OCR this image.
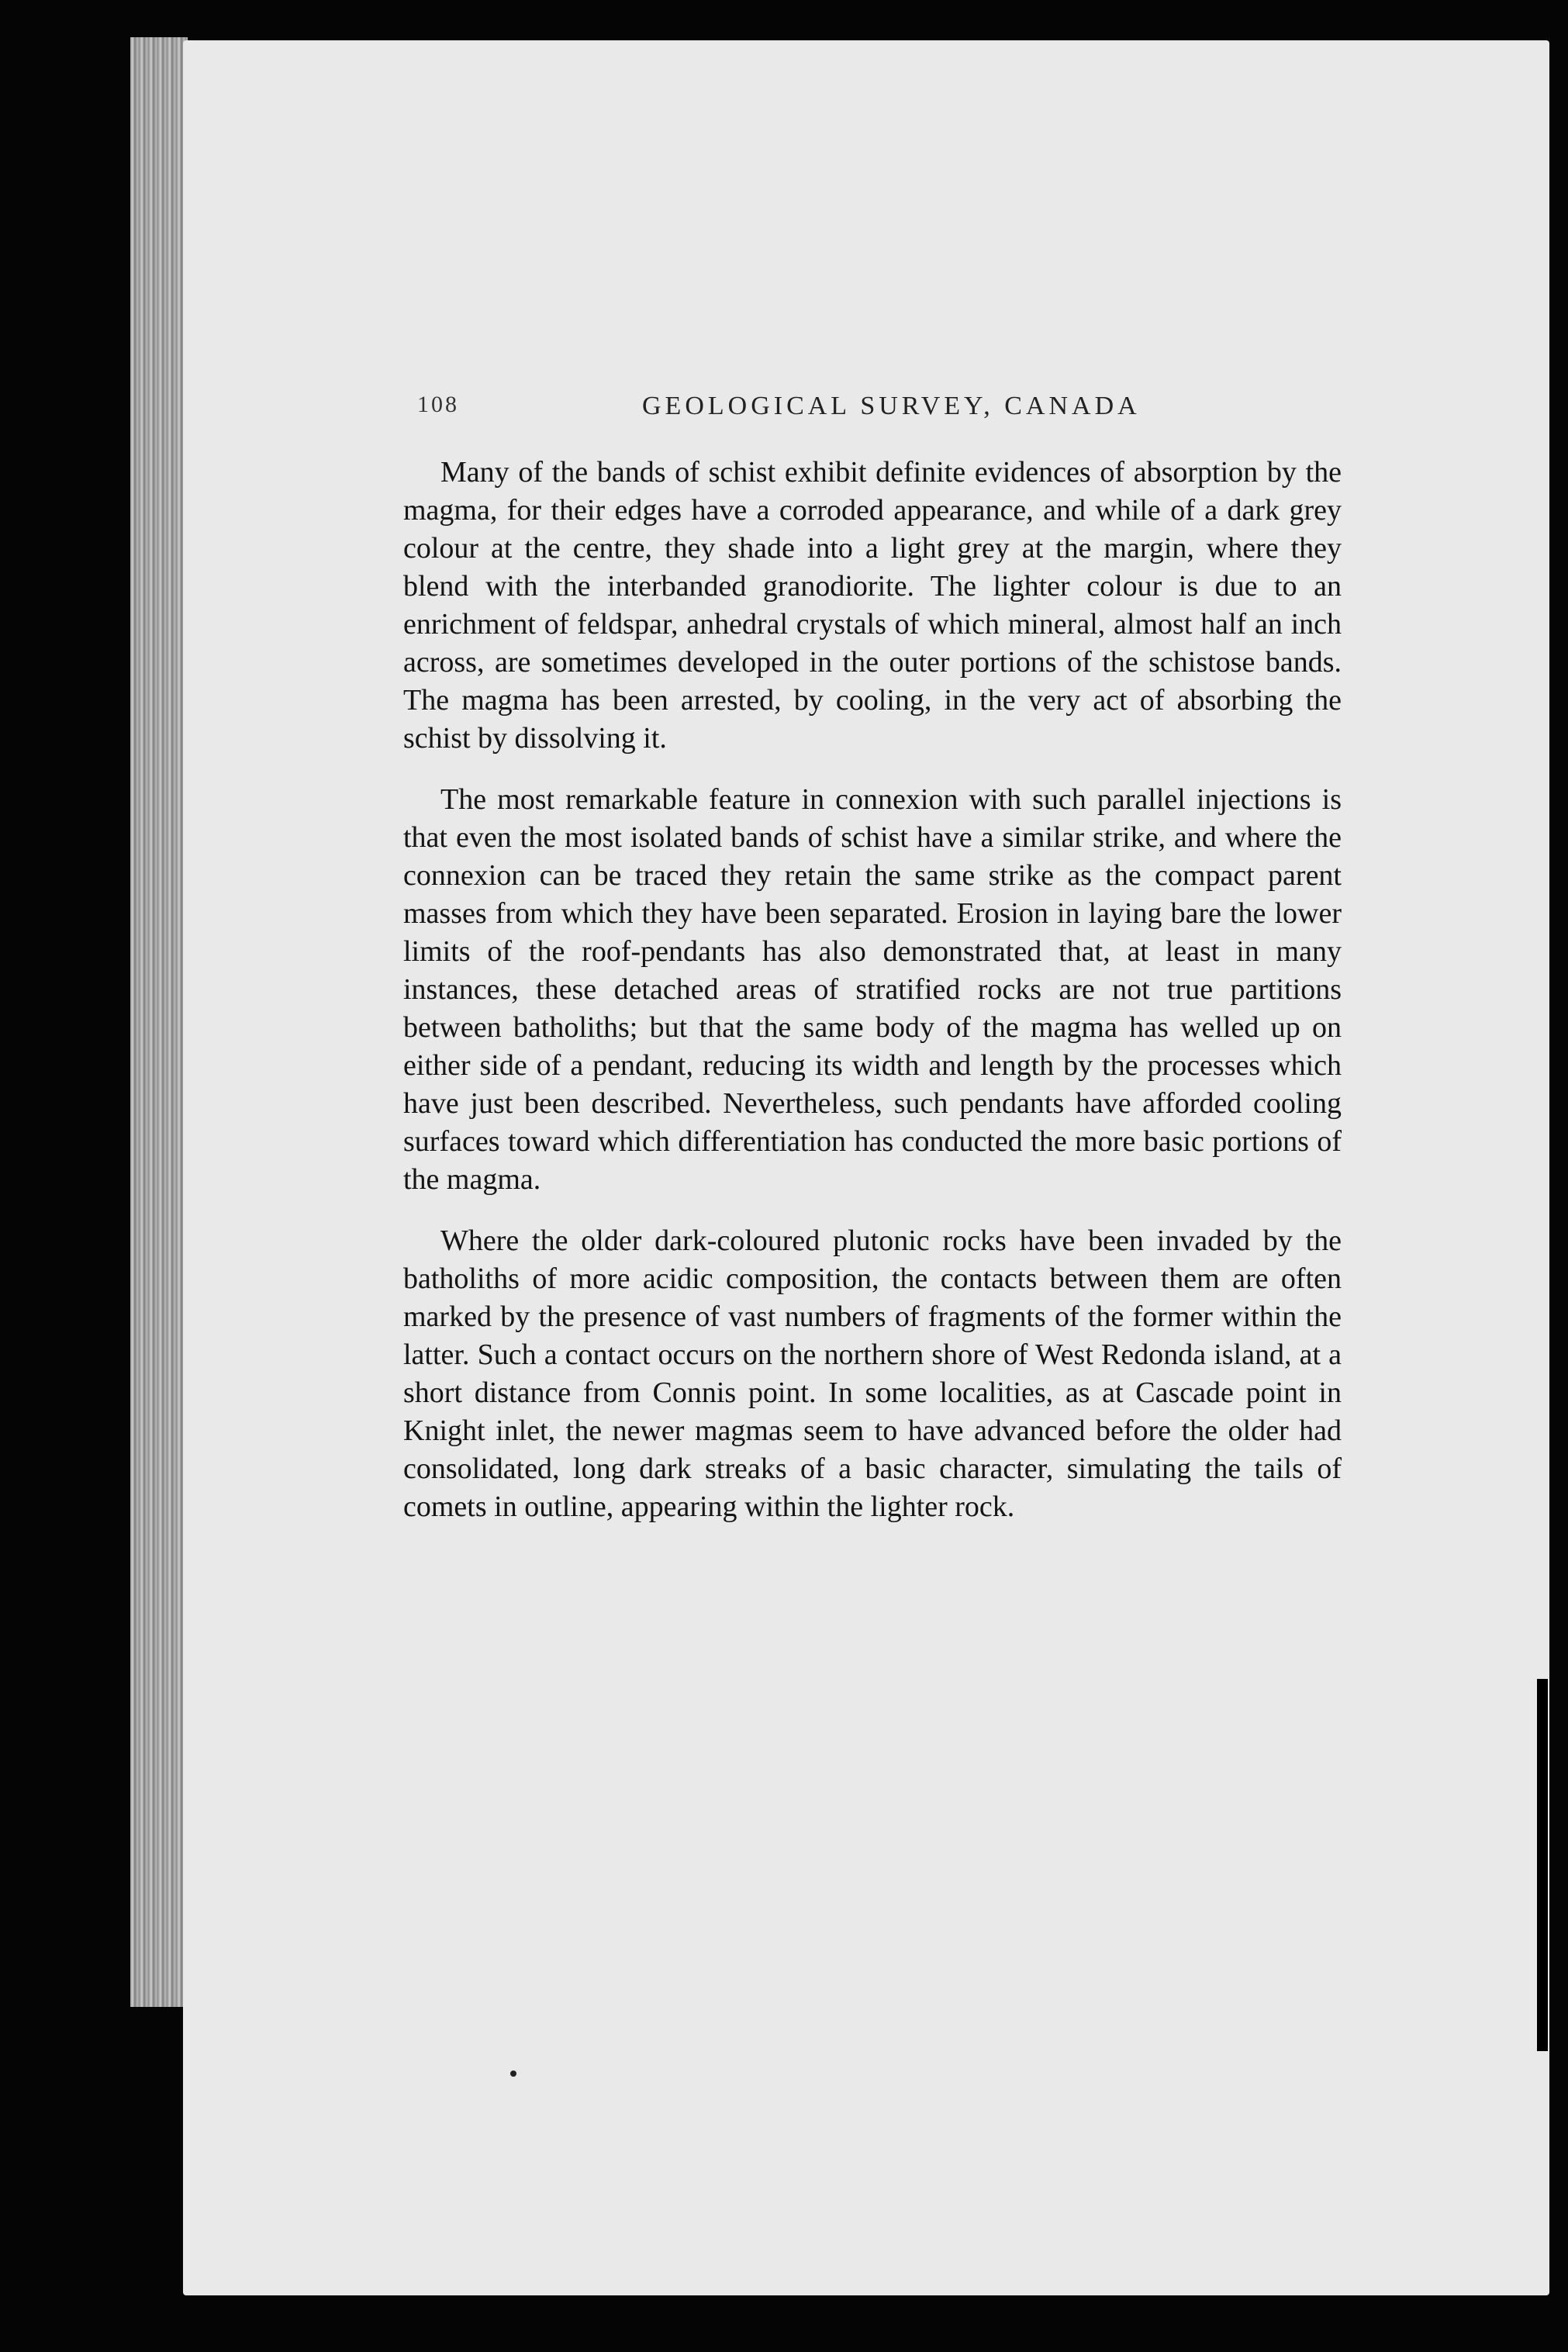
108	GEOLOGICAL SURVEY, CANADA

Many of the bands of schist exhibit definite evidences of absorption by the magma, for their edges have a corroded appearance, and while of a dark grey colour at the centre, they shade into a light grey at the margin, where they blend with the interbanded granodiorite. The lighter colour is due to an enrichment of feldspar, anhedral crystals of which mineral, almost half an inch across, are sometimes developed in the outer portions of the schistose bands. The magma has been arrested, by cooling, in the very act of absorbing the schist by dissolving it.

The most remarkable feature in connexion with such parallel injections is that even the most isolated bands of schist have a similar strike, and where the connexion can be traced they retain the same strike as the compact parent masses from which they have been separated. Erosion in laying bare the lower limits of the roof-pendants has also demonstrated that, at least in many instances, these detached areas of stratified rocks are not true partitions between batholiths; but that the same body of the magma has welled up on either side of a pendant, reducing its width and length by the processes which have just been described. Nevertheless, such pendants have afforded cooling surfaces toward which differentiation has conducted the more basic portions of the magma.

Where the older dark-coloured plutonic rocks have been invaded by the batholiths of more acidic composition, the contacts between them are often marked by the presence of vast numbers of fragments of the former within the latter. Such a contact occurs on the northern shore of West Redonda island, at a short distance from Connis point. In some localities, as at Cascade point in Knight inlet, the newer magmas seem to have advanced before the older had consolidated, long dark streaks of a basic character, simulating the tails of comets in outline, appearing within the lighter rock.
